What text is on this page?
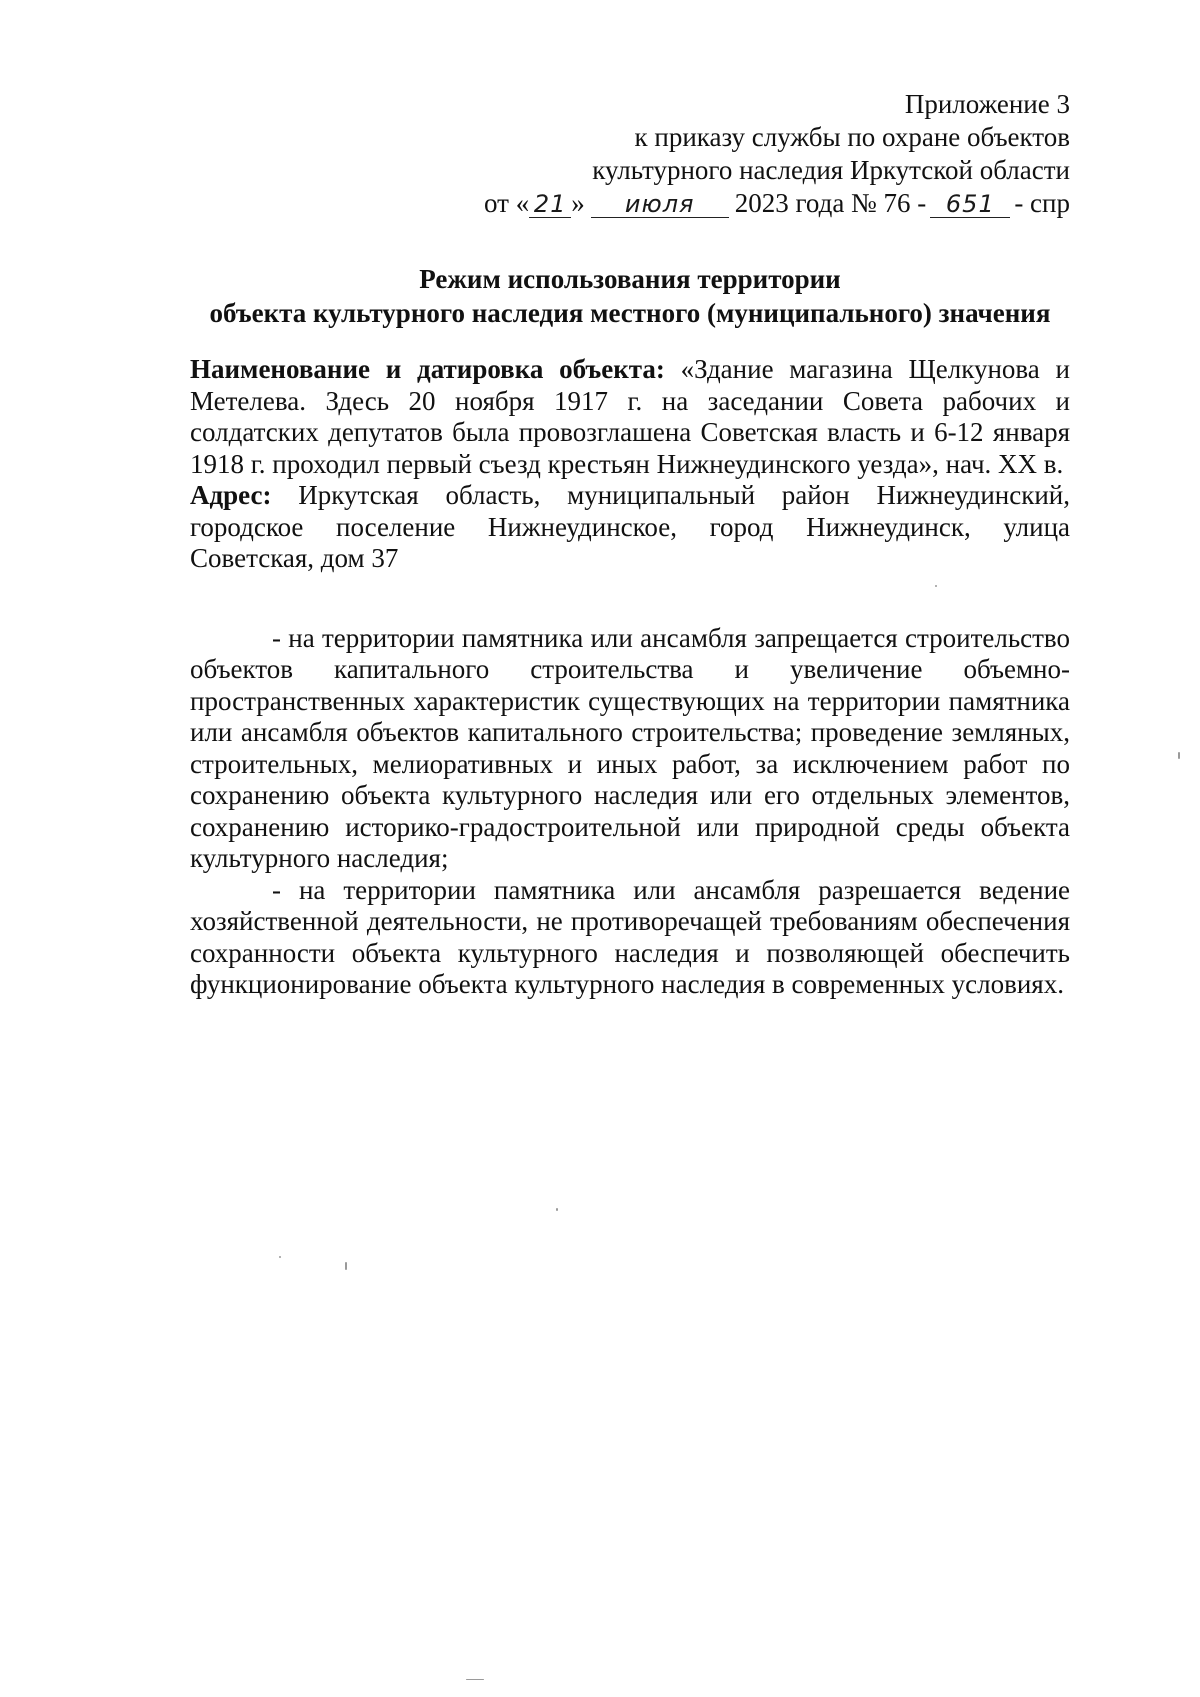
Приложение 3
к приказу службы по охране объектов
культурного наследия Иркутской области
от « 21 » июля 2023 года № 76 - 651 - спр
Режим использования территории
объекта культурного наследия местного (муниципального) значения

Наименование и датировка объекта: «Здание магазина Щелкунова и Метелева. Здесь 20 ноября 1917 г. на заседании Совета рабочих и солдатских депутатов была провозглашена Советская власть и 6-12 января 1918 г. проходил первый съезд крестьян Нижнеудинского уезда», нач. XX в.

Адрес: Иркутская область, муниципальный район Нижнеудинский, городское поселение Нижнеудинское, город Нижнеудинск, улица Советская, дом 37

- на территории памятника или ансамбля запрещается строительство объектов капитального строительства и увеличение объемно-пространственных характеристик существующих на территории памятника или ансамбля объектов капитального строительства; проведение земляных, строительных, мелиоративных и иных работ, за исключением работ по сохранению объекта культурного наследия или его отдельных элементов, сохранению историко-градостроительной или природной среды объекта культурного наследия;

- на территории памятника или ансамбля разрешается ведение хозяйственной деятельности, не противоречащей требованиям обеспечения сохранности объекта культурного наследия и позволяющей обеспечить функционирование объекта культурного наследия в современных условиях.
